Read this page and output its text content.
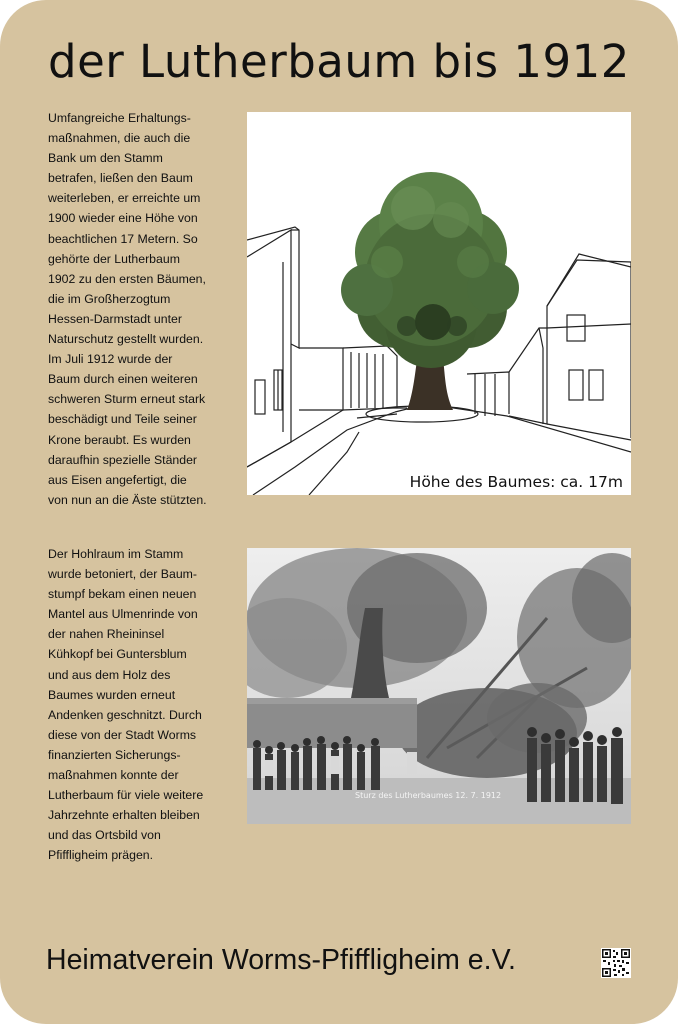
der Lutherbaum bis 1912

Umfangreiche Erhaltungs-
maßnahmen, die auch die
Bank um den Stamm
betrafen, ließen den Baum
weiterleben, er erreichte um
1900 wieder eine Höhe von
beachtlichen 17 Metern. So
gehörte der Lutherbaum
1902 zu den ersten Bäumen,
die im Großherzogtum
Hessen-Darmstadt unter
Naturschutz gestellt wurden.
Im Juli 1912 wurde der
Baum durch einen weiteren
schweren Sturm erneut stark
beschädigt und Teile seiner
Krone beraubt. Es wurden
daraufhin spezielle Ständer
aus Eisen angefertigt, die
von nun an die Äste stützten.

Höhe des Baumes: ca. 17m

Der Hohlraum im Stamm
wurde betoniert, der Baum-
stumpf bekam einen neuen
Mantel aus Ulmenrinde von
der nahen Rheininsel
Kühkopf bei Guntersblum
und aus dem Holz des
Baumes wurden erneut
Andenken geschnitzt. Durch
diese von der Stadt Worms
finanzierten Sicherungs-
maßnahmen konnte der
Lutherbaum für viele weitere
Jahrzehnte erhalten bleiben
und das Ortsbild von
Pfiffligheim prägen.

Sturz des Lutherbaumes 12. 7. 1912
Heimatverein Worms-Pfiffligheim e.V.
